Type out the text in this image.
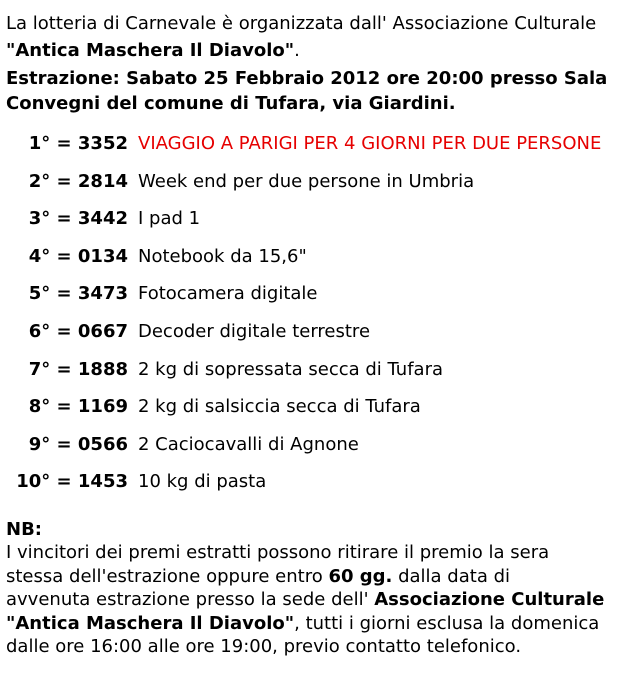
La lotteria di Carnevale è organizzata dall' Associazione Culturale
"Antica Maschera Il Diavolo".
Estrazione: Sabato 25 Febbraio 2012 ore 20:00 presso Sala
Convegni del comune di Tufara, via Giardini.
1° = 3352 VIAGGIO A PARIGI PER 4 GIORNI PER DUE PERSONE
2° = 2814 Week end per due persone in Umbria
3° = 3442 I pad 1
4° = 0134 Notebook da 15,6"
5° = 3473 Fotocamera digitale
6° = 0667 Decoder digitale terrestre
7° = 1888 2 kg di sopressata secca di Tufara
8° = 1169 2 kg di salsiccia secca di Tufara
9° = 0566 2 Caciocavalli di Agnone
10° = 1453 10 kg di pasta
NB:
I vincitori dei premi estratti possono ritirare il premio la sera
stessa dell'estrazione oppure entro 60 gg. dalla data di
avvenuta estrazione presso la sede dell' Associazione Culturale
"Antica Maschera Il Diavolo", tutti i giorni esclusa la domenica
dalle ore 16:00 alle ore 19:00, previo contatto telefonico.
